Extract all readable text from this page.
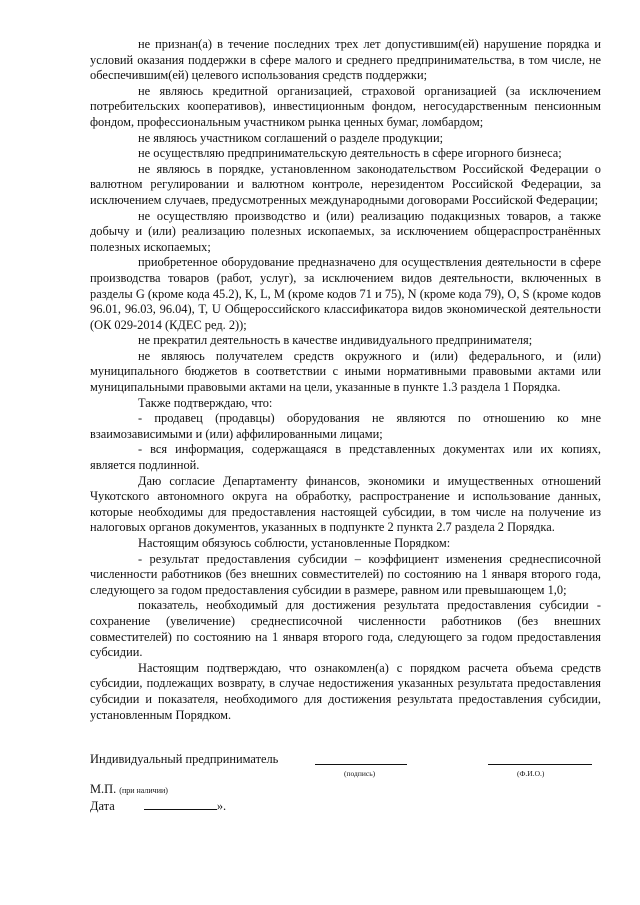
не признан(а) в течение последних трех лет допустившим(ей) нарушение порядка и условий оказания поддержки в сфере малого и среднего предпринимательства, в том числе, не обеспечившим(ей) целевого использования средств поддержки;

не являюсь кредитной организацией, страховой организацией (за исключением потребительских кооперативов), инвестиционным фондом, негосударственным пенсионным фондом, профессиональным участником рынка ценных бумаг, ломбардом;

не являюсь участником соглашений о разделе продукции;

не осуществляю предпринимательскую деятельность в сфере игорного бизнеса;

не являюсь в порядке, установленном законодательством Российской Федерации о валютном регулировании и валютном контроле, нерезидентом Российской Федерации, за исключением случаев, предусмотренных международными договорами Российской Федерации;

не осуществляю производство и (или) реализацию подакцизных товаров, а также добычу и (или) реализацию полезных ископаемых, за исключением общераспространённых полезных ископаемых;

приобретенное оборудование предназначено для осуществления деятельности в сфере производства товаров (работ, услуг), за исключением видов деятельности, включенных в разделы G (кроме кода 45.2), K, L, M (кроме кодов 71 и 75), N (кроме кода 79), O, S (кроме кодов 96.01, 96.03, 96.04), T, U Общероссийского классификатора видов экономической деятельности (ОК 029-2014 (КДЕС ред. 2));

не прекратил деятельность в качестве индивидуального предпринимателя;

не являюсь получателем средств окружного и (или) федерального, и (или) муниципального бюджетов в соответствии с иными нормативными правовыми актами или муниципальными правовыми актами на цели, указанные в пункте 1.3 раздела 1 Порядка.

Также подтверждаю, что:

- продавец (продавцы) оборудования не являются по отношению ко мне взаимозависимыми и (или) аффилированными лицами;

- вся информация, содержащаяся в представленных документах или их копиях, является подлинной.

Даю согласие Департаменту финансов, экономики и имущественных отношений Чукотского автономного округа на обработку, распространение и использование данных, которые необходимы для предоставления настоящей субсидии, в том числе на получение из налоговых органов документов, указанных в подпункте 2 пункта 2.7 раздела 2 Порядка.

Настоящим обязуюсь соблюсти, установленные Порядком:

- результат предоставления субсидии – коэффициент изменения среднесписочной численности работников (без внешних совместителей) по состоянию на 1 января второго года, следующего за годом предоставления субсидии в размере, равном или превышающем 1,0;

показатель, необходимый для достижения результата предоставления субсидии - сохранение (увеличение) среднесписочной численности работников (без внешних совместителей) по состоянию на 1 января второго года, следующего за годом предоставления субсидии.

Настоящим подтверждаю, что ознакомлен(а) с порядком расчета объема средств субсидии, подлежащих возврату, в случае недостижения указанных результата предоставления субсидии и показателя, необходимого для достижения результата предоставления субсидии, установленным Порядком.

Индивидуальный предприниматель
(подпись)	(Ф.И.О.)
М.П. (при наличии)
Дата	».
